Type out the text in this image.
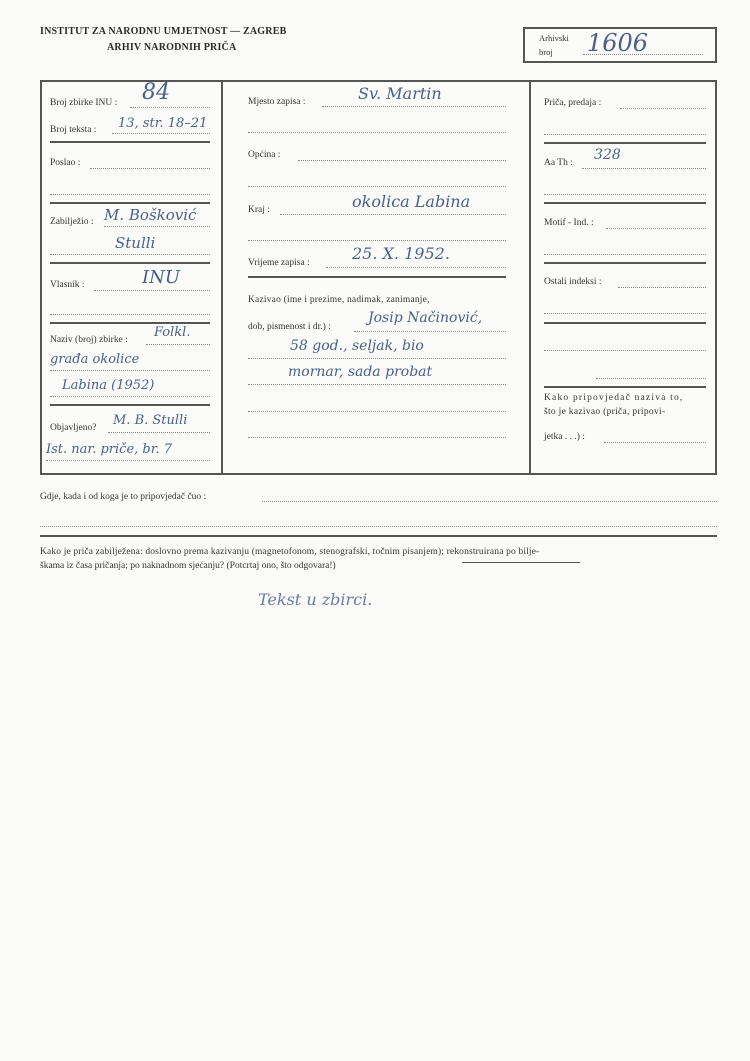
INSTITUT ZA NARODNU UMJETNOST — ZAGREB
ARHIV NARODNIH PRIČA
Arhivski
broj 1606
Broj zbirke INU : 84
Broj teksta : 13, str. 18–21
Poslao :
Zabilježio : M. Bošković
Stulli
Vlasnik :	INU
Naziv (broj) zbirke : Folkl.
građa okolice
Labina (1952)
Objavljeno? M. B. Stulli
Ist. nar. priče, br. 7
Mjesto zapisa :	Sv. Martin
Općina :
Kraj :	okolica Labina
Vrijeme zapisa :	25. X. 1952.
Kazivao (ime i prezime, nadimak, zanimanje,
dob, pismenost i dr.) :
Josip Načinović,
58 god., seljak, bio
mornar, sada probat
Priča, predaja :
Aa Th : 328
Motif - Ind. :
Ostali indeksi :
Kako pripovjedač naziva to,
što je kazivao (priča, pripovi-
jetka . . .) :
Gdje, kada i od koga je to pripovjedač čuo :
Kako je priča zabilježena: doslovno prema kazivanju (magnetofonom, stenografski, točnim pisanjem); rekonstruirana po bilje-
škama iz časa pričanja; po naknadnom sjećanju? (Potcrtaj ono, što odgovara!)
Tekst u zbirci.
